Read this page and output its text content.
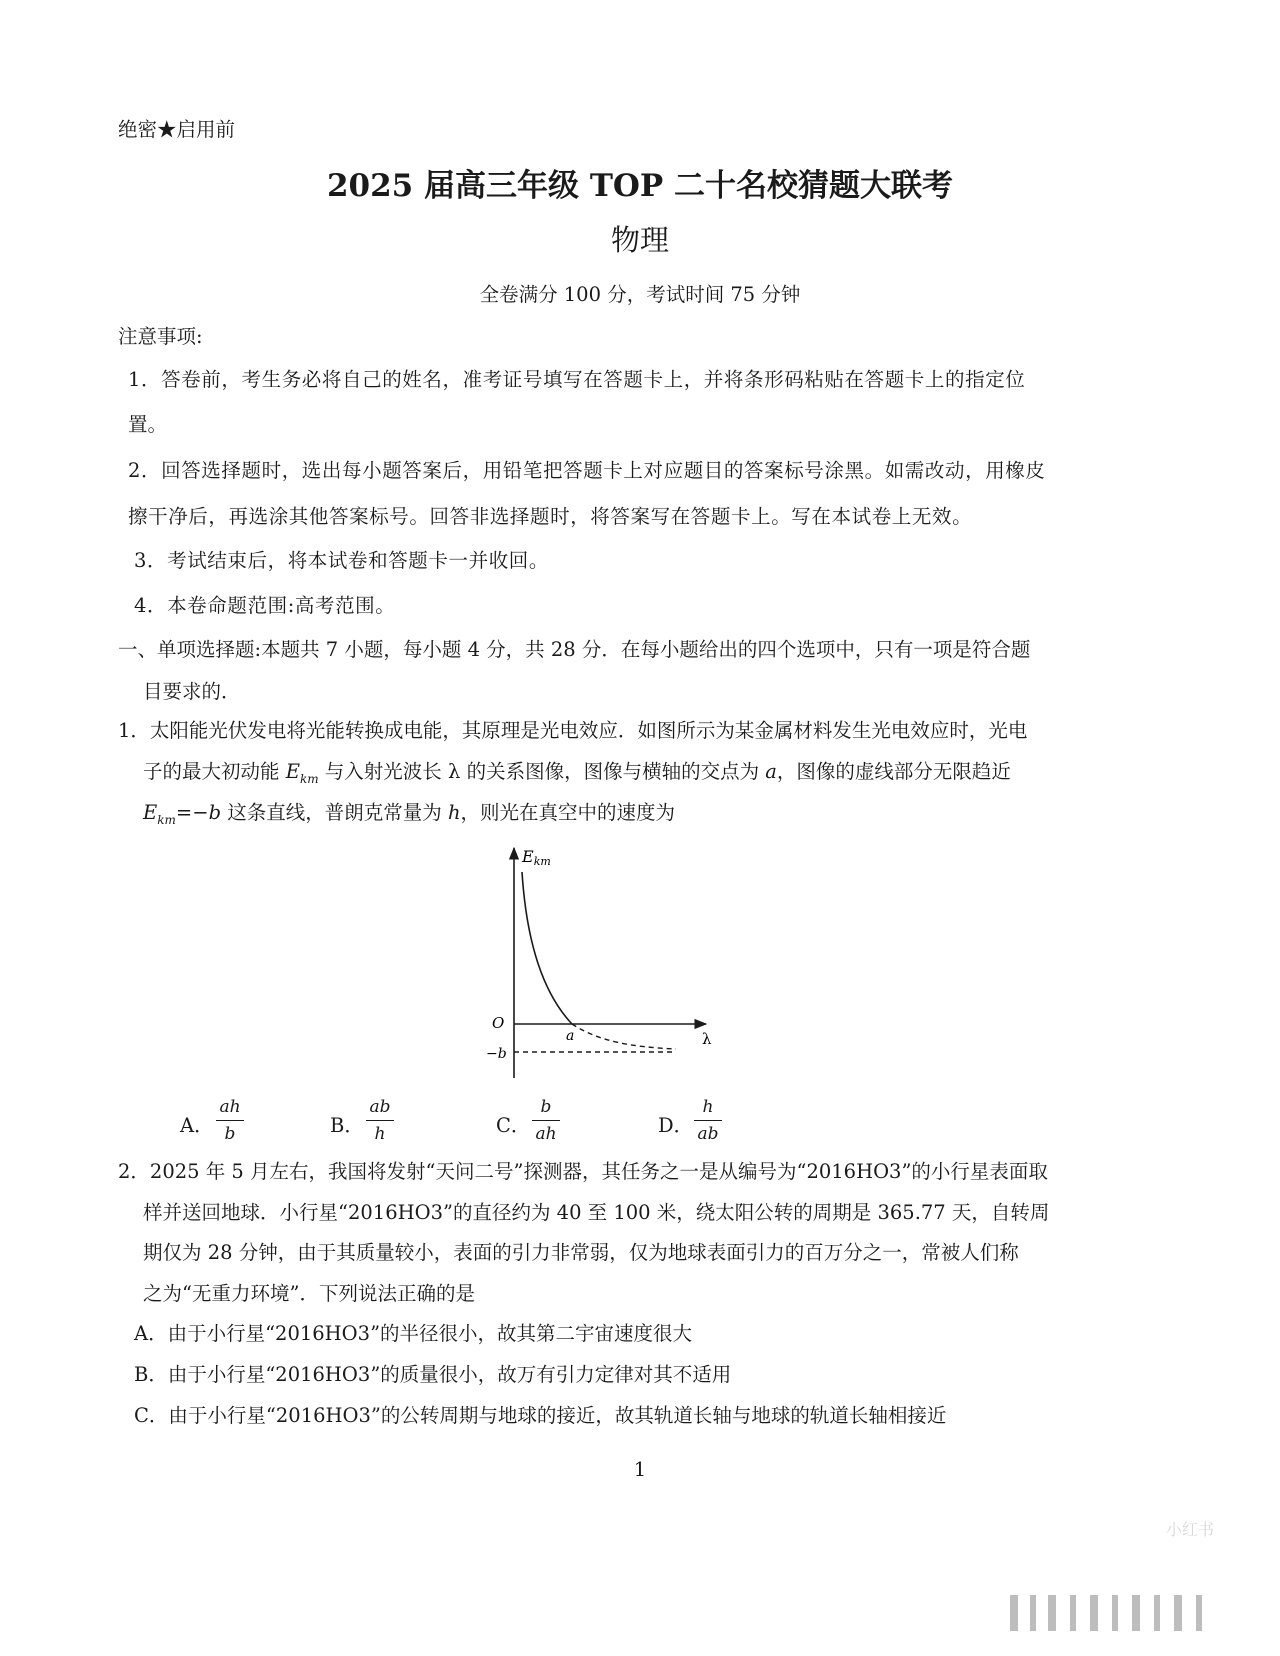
绝密★启用前
2025 届高三年级 TOP 二十名校猜题大联考
物理
全卷满分 100 分，考试时间 75 分钟
注意事项:
1．答卷前，考生务必将自己的姓名，准考证号填写在答题卡上，并将条形码粘贴在答题卡上的指定位
置。
2．回答选择题时，选出每小题答案后，用铅笔把答题卡上对应题目的答案标号涂黑。如需改动，用橡皮
擦干净后，再选涂其他答案标号。回答非选择题时，将答案写在答题卡上。写在本试卷上无效。
3．考试结束后，将本试卷和答题卡一并收回。
4．本卷命题范围:高考范围。
一、单项选择题:本题共 7 小题，每小题 4 分，共 28 分．在每小题给出的四个选项中，只有一项是符合题
目要求的．
1．太阳能光伏发电将光能转换成电能，其原理是光电效应．如图所示为某金属材料发生光电效应时，光电
子的最大初动能 $E_{km}$ 与入射光波长 λ 的关系图像，图像与横轴的交点为 a，图像的虚线部分无限趋近
$E_{km}=-b$ 这条直线，普朗克常量为 h，则光在真空中的速度为
Ekm
O
a	λ
−b
A．
ah
b	B．
ab
h	C．
b
ah	D．
h
ab
2．2025 年 5 月左右，我国将发射“天问二号”探测器，其任务之一是从编号为“2016HO3”的小行星表面取
样并送回地球．小行星“2016HO3”的直径约为 40 至 100 米，绕太阳公转的周期是 365.77 天，自转周
期仅为 28 分钟，由于其质量较小，表面的引力非常弱，仅为地球表面引力的百万分之一，常被人们称
之为“无重力环境”．下列说法正确的是
A．由于小行星“2016HO3”的半径很小，故其第二宇宙速度很大
B．由于小行星“2016HO3”的质量很小，故万有引力定律对其不适用
C．由于小行星“2016HO3”的公转周期与地球的接近，故其轨道长轴与地球的轨道长轴相接近
1
小红书
